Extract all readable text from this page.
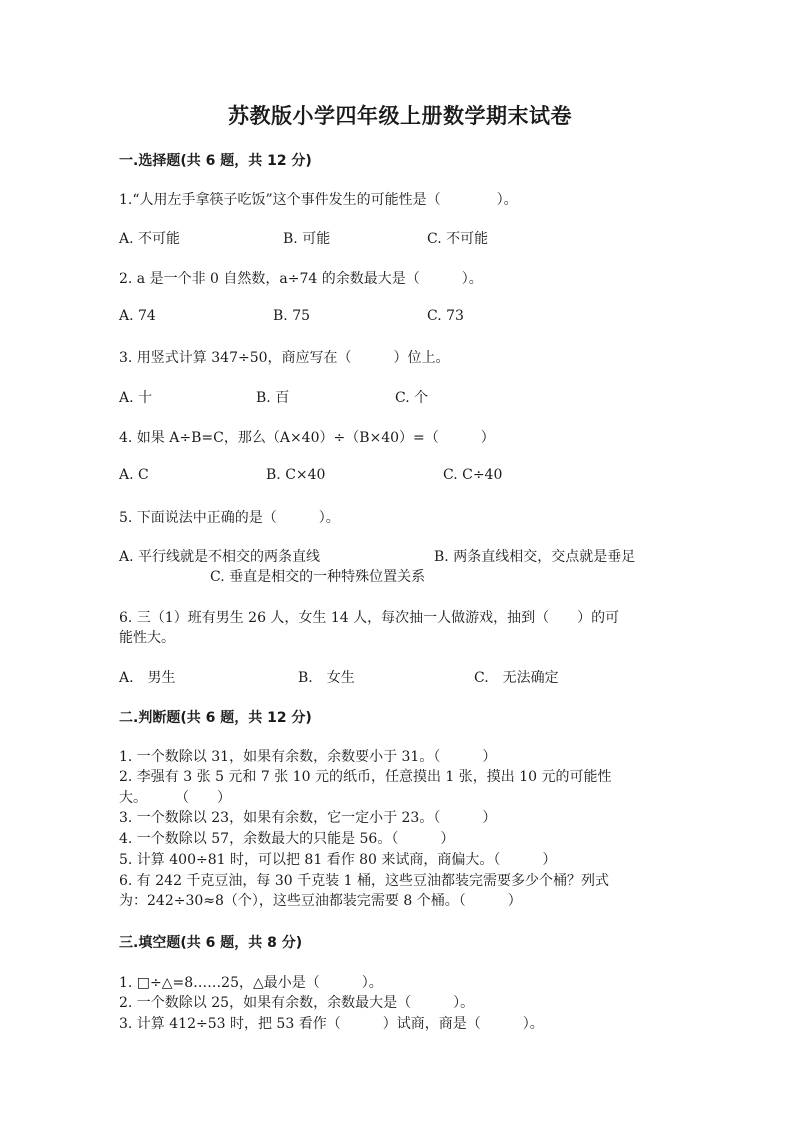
苏教版小学四年级上册数学期末试卷
一.选择题(共 6 题，共 12 分)
1.“人用左手拿筷子吃饭”这个事件发生的可能性是（　　　　）。
A. 不可能	B. 可能	C. 不可能
2. a 是一个非 0 自然数，a÷74 的余数最大是（　　　）。
A. 74	B. 75	C. 73
3. 用竖式计算 347÷50，商应写在（　　　）位上。
A. 十	B. 百	C. 个
4. 如果 A÷B=C，那么（A×40）÷（B×40）=（　　　）
A. C	B. C×40	C. C÷40
5. 下面说法中正确的是（　　　）。
A. 平行线就是不相交的两条直线	B. 两条直线相交，交点就是垂足
C. 垂直是相交的一种特殊位置关系
6. 三（1）班有男生 26 人，女生 14 人，每次抽一人做游戏，抽到（　　）的可
能性大。
A.　男生	B.　女生	C.　无法确定
二.判断题(共 6 题，共 12 分)
1. 一个数除以 31，如果有余数，余数要小于 31。（　　　）
2. 李强有 3 张 5 元和 7 张 10 元的纸币，任意摸出 1 张，摸出 10 元的可能性
大。　　　（　　）
3. 一个数除以 23，如果有余数，它一定小于 23。（　　　）
4. 一个数除以 57，余数最大的只能是 56。（　　　）
5. 计算 400÷81 时，可以把 81 看作 80 来试商，商偏大。（　　　）
6. 有 242 千克豆油，每 30 千克装 1 桶，这些豆油都装完需要多少个桶？列式
为：242÷30≈8（个），这些豆油都装完需要 8 个桶。（　　　）
三.填空题(共 6 题，共 8 分)
1. □÷△=8……25，△最小是（　　　）。
2. 一个数除以 25，如果有余数，余数最大是（　　　）。
3. 计算 412÷53 时，把 53 看作（　　　）试商，商是（　　　）。
